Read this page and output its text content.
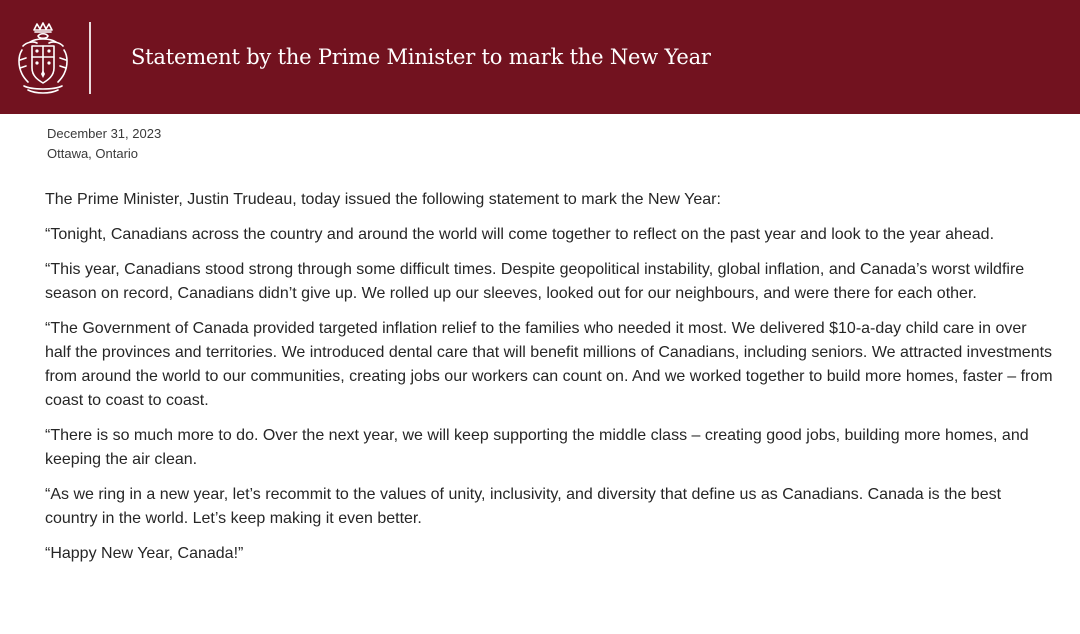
Statement by the Prime Minister to mark the New Year
December 31, 2023
Ottawa, Ontario

The Prime Minister, Justin Trudeau, today issued the following statement to mark the New Year:

“Tonight, Canadians across the country and around the world will come together to reflect on the past year and look to the year ahead.

“This year, Canadians stood strong through some difficult times. Despite geopolitical instability, global inflation, and Canada’s worst wildfire season on record, Canadians didn’t give up. We rolled up our sleeves, looked out for our neighbours, and were there for each other.

“The Government of Canada provided targeted inflation relief to the families who needed it most. We delivered $10-a-day child care in over half the provinces and territories. We introduced dental care that will benefit millions of Canadians, including seniors. We attracted investments from around the world to our communities, creating jobs our workers can count on. And we worked together to build more homes, faster – from coast to coast to coast.

“There is so much more to do. Over the next year, we will keep supporting the middle class – creating good jobs, building more homes, and keeping the air clean.

“As we ring in a new year, let’s recommit to the values of unity, inclusivity, and diversity that define us as Canadians. Canada is the best country in the world. Let’s keep making it even better.

“Happy New Year, Canada!”
